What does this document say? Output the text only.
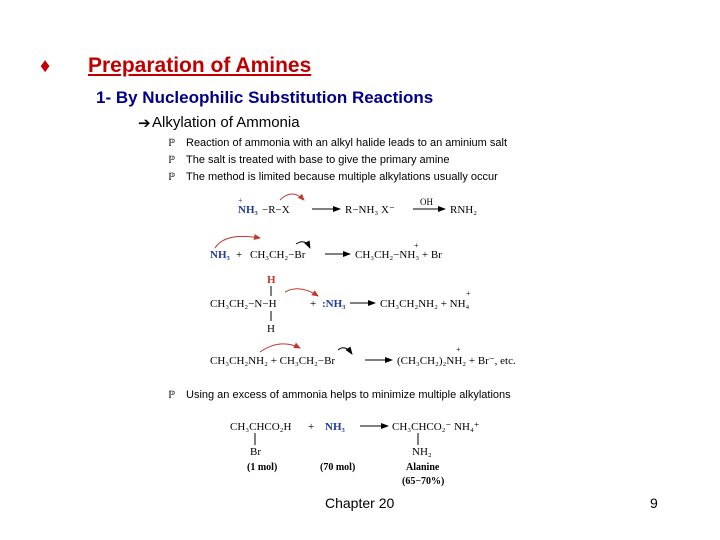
♦	Preparation of Amines
1- By Nucleophilic Substitution Reactions
➔ Alkylation of Ammonia
ℙ Reaction of ammonia with an alkyl halide leads to an aminium salt
ℙ The salt is treated with base to give the primary amine
ℙ The method is limited because multiple alkylations usually occur
+
NH₃ −R−X	R−NH₃ X⁻
OH
RNH₂
NH₃ + CH₃CH₂−Br
+
CH₃CH₂−NH₃ + Br
H
CH₃CH₂−N−H	+ :NH₃
+
CH₃CH₂NH₂ + NH₄
H
CH₃CH₂NH₂ + CH₃CH₂−Br
+
(CH₃CH₂)₂NH₂ + Br⁻, etc.
CH₃CHCO₂H + NH₃	CH₃CHCO₂⁻ NH₄⁺
Br	NH₂
(1 mol)	(70 mol)	Alanine
(65−70%)
ℙ Using an excess of ammonia helps to minimize multiple alkylations
Chapter 20	9
